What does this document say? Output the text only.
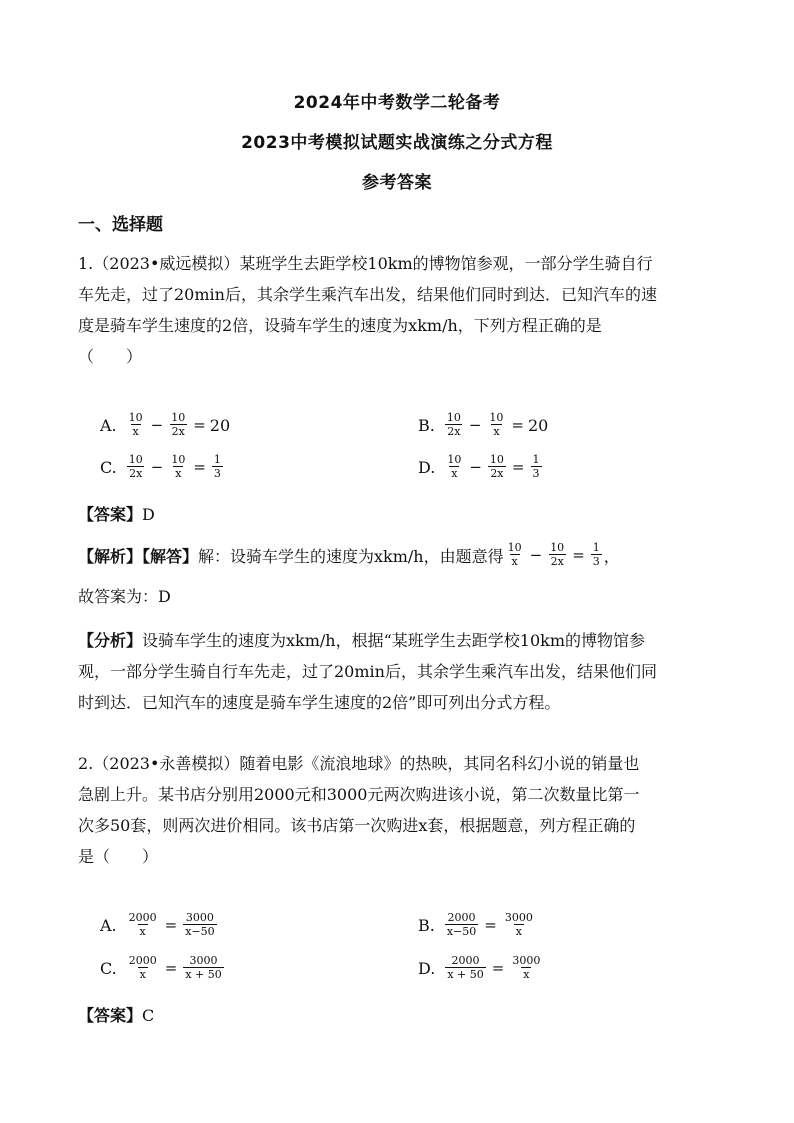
2024年中考数学二轮备考
2023中考模拟试题实战演练之分式方程
参考答案
一、选择题
1.（2023•威远模拟）某班学生去距学校10km的博物馆参观，一部分学生骑自行
车先走，过了20min后，其余学生乘汽车出发，结果他们同时到达．已知汽车的速
度是骑车学生速度的2倍，设骑车学生的速度为xkm/h，下列方程正确的是
（　　）
A. $\frac{10}{x} - \frac{10}{2x} = 20$	B. $\frac{10}{2x} - \frac{10}{x} = 20$
C. $\frac{10}{2x} - \frac{10}{x} = \frac{1}{3}$	D. $\frac{10}{x} - \frac{10}{2x} = \frac{1}{3}$
【答案】D
【解析】【解答】 解：设骑车学生的速度为xkm/h，由题意得 $\frac{10}{x} - \frac{10}{2x} = \frac{1}{3}$ ，
故答案为：D
【分析】设骑车学生的速度为xkm/h，根据“某班学生去距学校10km的博物馆参
观，一部分学生骑自行车先走，过了20min后，其余学生乘汽车出发，结果他们同
时到达．已知汽车的速度是骑车学生速度的2倍”即可列出分式方程。
2.（2023•永善模拟）随着电影《流浪地球》的热映，其同名科幻小说的销量也
急剧上升。某书店分别用2000元和3000元两次购进该小说，第二次数量比第一
次多50套，则两次进价相同。该书店第一次购进x套，根据题意，列方程正确的
是（　　）
A. $\frac{2000}{x} = \frac{3000}{x-50}$	B. $\frac{2000}{x-50} = \frac{3000}{x}$
C. $\frac{2000}{x} = \frac{3000}{x + 50}$	D. $\frac{2000}{x + 50} = \frac{3000}{x}$
【答案】C
